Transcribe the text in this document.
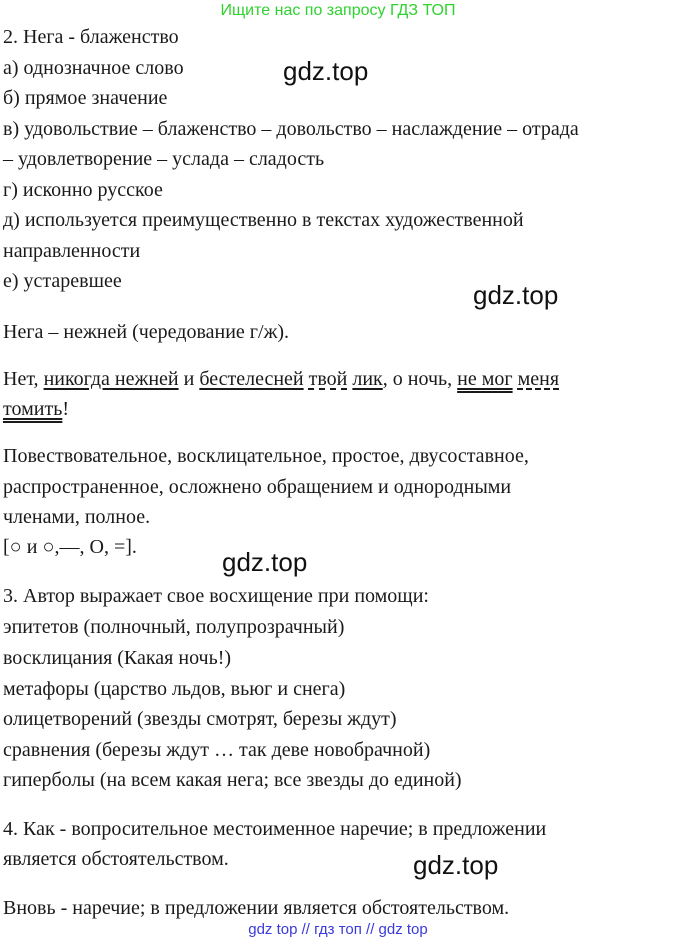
Ищите нас по запросу ГДЗ ТОП
2. Нега - блаженство
а) однозначное слово
б) прямое значение
в) удовольствие – блаженство – довольство – наслаждение – отрада
– удовлетворение – услада – сладость
г) исконно русское
д) используется преимущественно в текстах художественной
направленности
е) устаревшее
Нега – нежней (чередование г/ж).
Нет, никогда нежней и бестелесней твой лик, о ночь, не мог меня
томить!
Повествовательное, восклицательное, простое, двусоставное,
распространенное, осложнено обращением и однородными
членами, полное.
[○ и ○,—, О, =].
3. Автор выражает свое восхищение при помощи:
эпитетов (полночный, полупрозрачный)
восклицания (Какая ночь!)
метафоры (царство льдов, вьюг и снега)
олицетворений (звезды смотрят, березы ждут)
сравнения (березы ждут … так деве новобрачной)
гиперболы (на всем какая нега; все звезды до единой)
4. Как - вопросительное местоименное наречие; в предложении
является обстоятельством.
Вновь - наречие; в предложении является обстоятельством.
gdz.top
gdz.top
gdz.top
gdz.top
gdz top // гдз топ // gdz top
